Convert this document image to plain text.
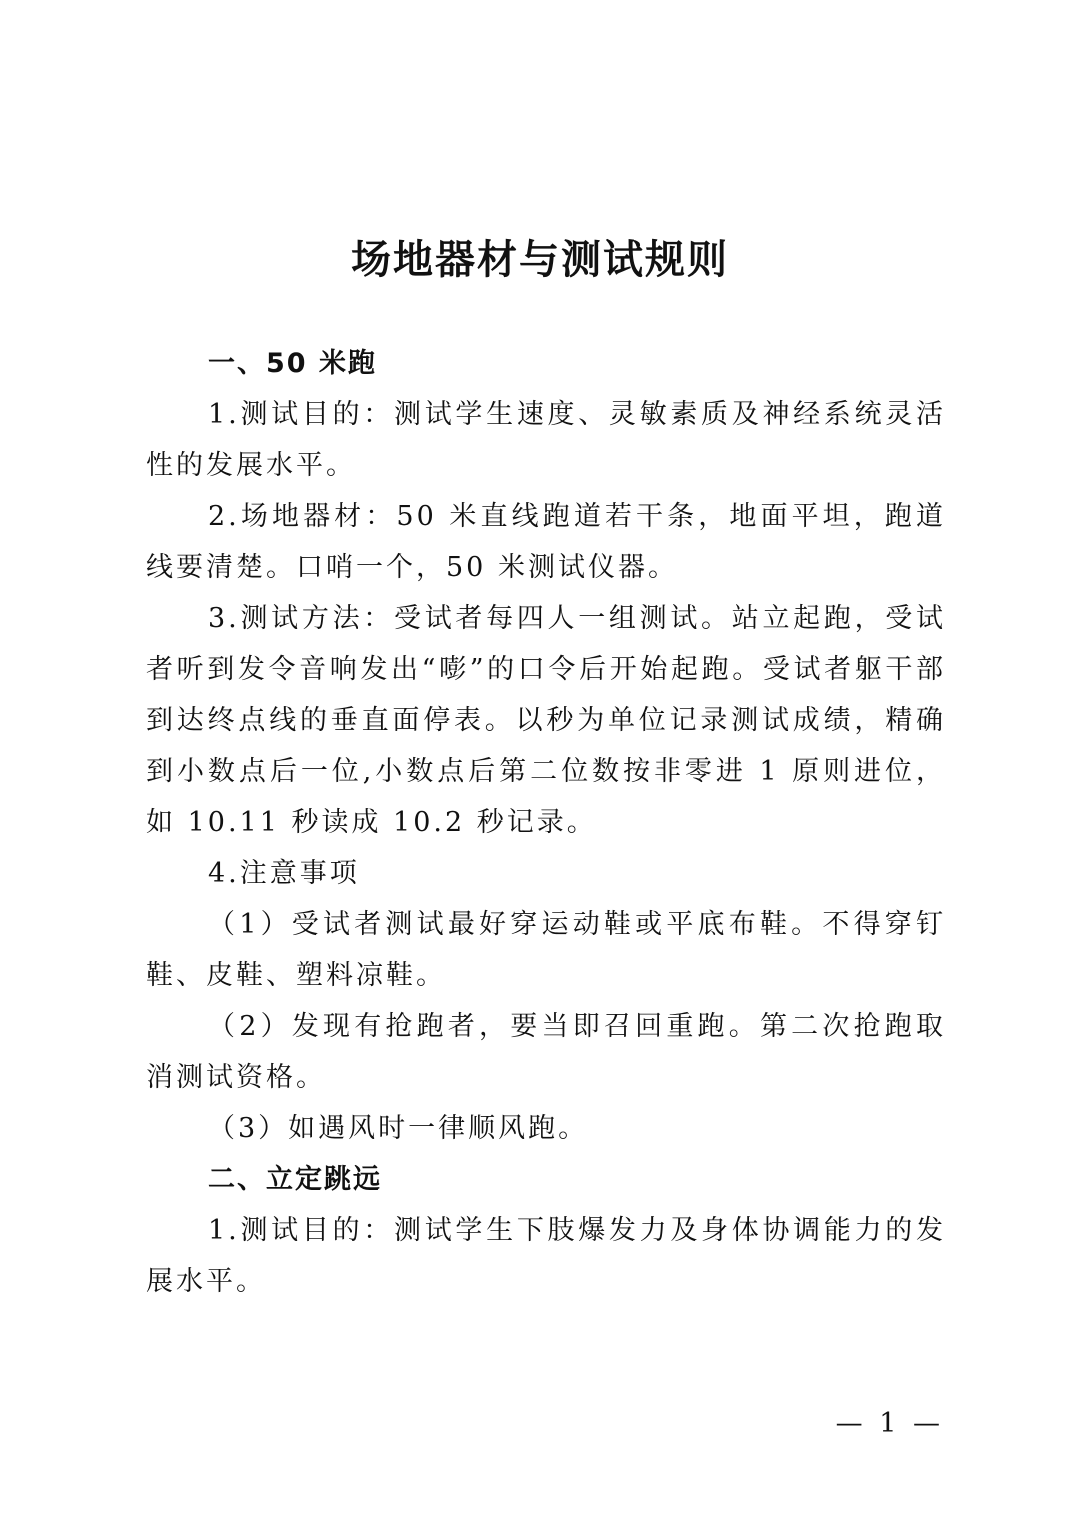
场地器材与测试规则

一、50 米跑

1.测试目的：测试学生速度、灵敏素质及神经系统灵活性的发展水平。

2.场地器材：50 米直线跑道若干条，地面平坦，跑道线要清楚。口哨一个，50 米测试仪器。

3.测试方法：受试者每四人一组测试。站立起跑，受试者听到发令音响发出“嘭”的口令后开始起跑。受试者躯干部到达终点线的垂直面停表。以秒为单位记录测试成绩，精确到小数点后一位,小数点后第二位数按非零进 1 原则进位，如 10.11 秒读成 10.2 秒记录。

4.注意事项

（1）受试者测试最好穿运动鞋或平底布鞋。不得穿钉鞋、皮鞋、塑料凉鞋。

（2）发现有抢跑者，要当即召回重跑。第二次抢跑取消测试资格。

（3）如遇风时一律顺风跑。

二、立定跳远

1.测试目的：测试学生下肢爆发力及身体协调能力的发展水平。

— 1 —
